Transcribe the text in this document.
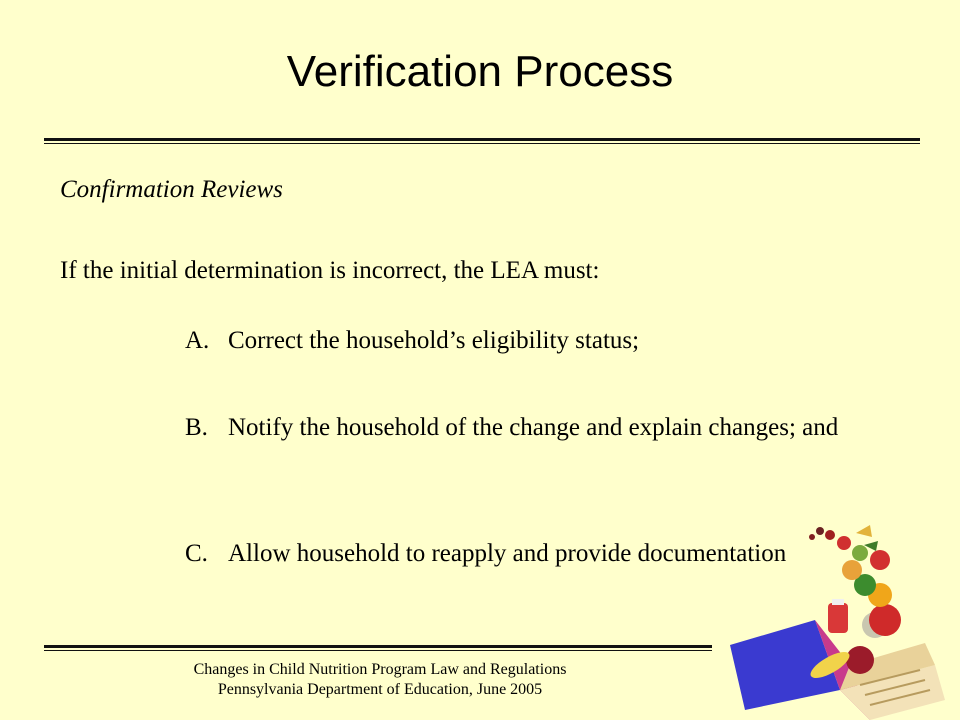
Verification Process
Confirmation Reviews
If the initial determination is incorrect, the LEA must:
A. Correct the household’s eligibility status;
B. Notify the household of the change and explain changes; and
C. Allow household to reapply and provide documentation
Changes in Child Nutrition Program Law and Regulations
Pennsylvania Department of Education, June 2005
